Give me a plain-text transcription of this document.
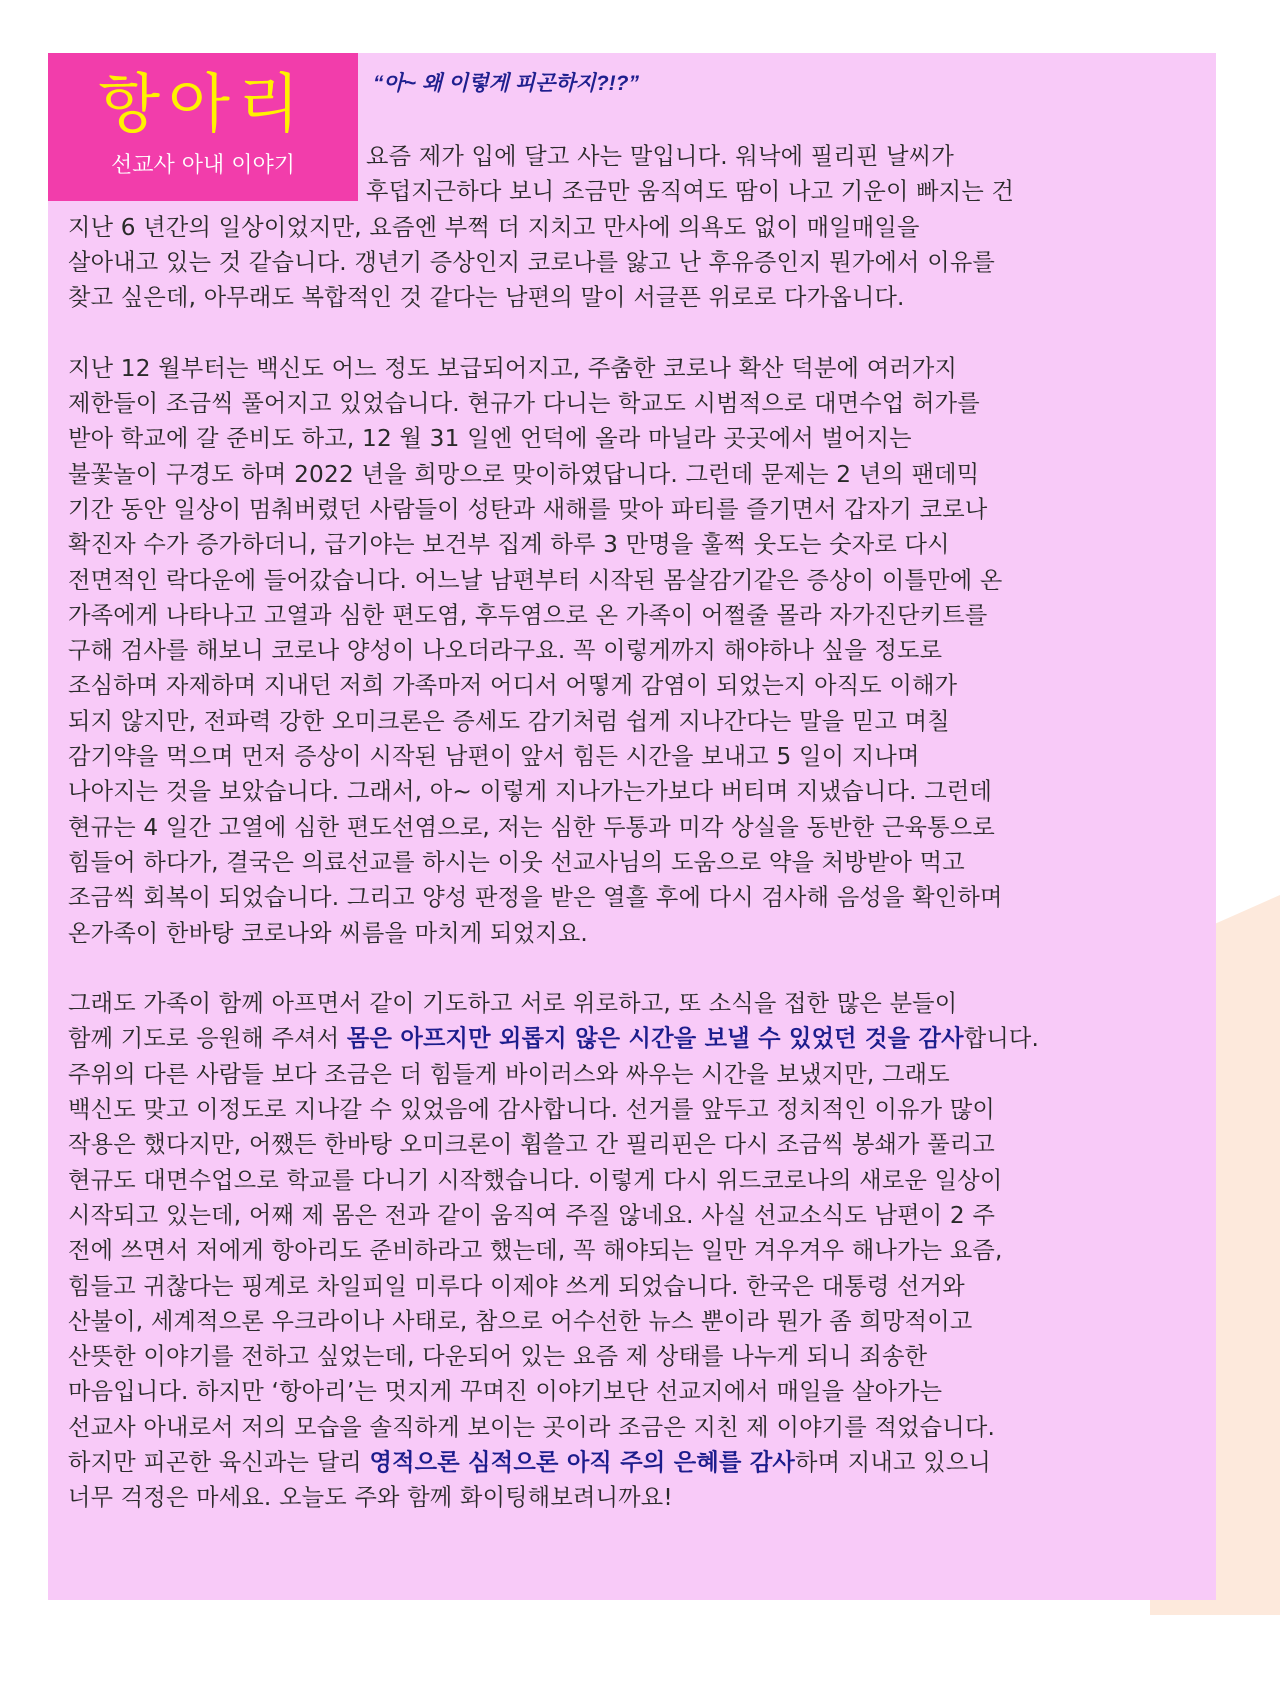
항아리
선교사 아내 이야기
“아~ 왜 이렇게 피곤하지?!?”
요즘 제가 입에 달고 사는 말입니다. 워낙에 필리핀 날씨가
후덥지근하다 보니 조금만 움직여도 땀이 나고 기운이 빠지는 건
지난 6 년간의 일상이었지만, 요즘엔 부쩍 더 지치고 만사에 의욕도 없이 매일매일을
살아내고 있는 것 같습니다. 갱년기 증상인지 코로나를 앓고 난 후유증인지 뭔가에서 이유를
찾고 싶은데, 아무래도 복합적인 것 같다는 남편의 말이 서글픈 위로로 다가옵니다.
지난 12 월부터는 백신도 어느 정도 보급되어지고, 주춤한 코로나 확산 덕분에 여러가지
제한들이 조금씩 풀어지고 있었습니다. 현규가 다니는 학교도 시범적으로 대면수업 허가를
받아 학교에 갈 준비도 하고, 12 월 31 일엔 언덕에 올라 마닐라 곳곳에서 벌어지는
불꽃놀이 구경도 하며 2022 년을 희망으로 맞이하였답니다. 그런데 문제는 2 년의 팬데믹
기간 동안 일상이 멈춰버렸던 사람들이 성탄과 새해를 맞아 파티를 즐기면서 갑자기 코로나
확진자 수가 증가하더니, 급기야는 보건부 집계 하루 3 만명을 훌쩍 웃도는 숫자로 다시
전면적인 락다운에 들어갔습니다. 어느날 남편부터 시작된 몸살감기같은 증상이 이틀만에 온
가족에게 나타나고 고열과 심한 편도염, 후두염으로 온 가족이 어쩔줄 몰라 자가진단키트를
구해 검사를 해보니 코로나 양성이 나오더라구요. 꼭 이렇게까지 해야하나 싶을 정도로
조심하며 자제하며 지내던 저희 가족마저 어디서 어떻게 감염이 되었는지 아직도 이해가
되지 않지만, 전파력 강한 오미크론은 증세도 감기처럼 쉽게 지나간다는 말을 믿고 며칠
감기약을 먹으며 먼저 증상이 시작된 남편이 앞서 힘든 시간을 보내고 5 일이 지나며
나아지는 것을 보았습니다. 그래서, 아~ 이렇게 지나가는가보다 버티며 지냈습니다. 그런데
현규는 4 일간 고열에 심한 편도선염으로, 저는 심한 두통과 미각 상실을 동반한 근육통으로
힘들어 하다가, 결국은 의료선교를 하시는 이웃 선교사님의 도움으로 약을 처방받아 먹고
조금씩 회복이 되었습니다. 그리고 양성 판정을 받은 열흘 후에 다시 검사해 음성을 확인하며
온가족이 한바탕 코로나와 씨름을 마치게 되었지요.
그래도 가족이 함께 아프면서 같이 기도하고 서로 위로하고, 또 소식을 접한 많은 분들이
함께 기도로 응원해 주셔서 몸은 아프지만 외롭지 않은 시간을 보낼 수 있었던 것을 감사합니다.
주위의 다른 사람들 보다 조금은 더 힘들게 바이러스와 싸우는 시간을 보냈지만, 그래도
백신도 맞고 이정도로 지나갈 수 있었음에 감사합니다. 선거를 앞두고 정치적인 이유가 많이
작용은 했다지만, 어쨌든 한바탕 오미크론이 휩쓸고 간 필리핀은 다시 조금씩 봉쇄가 풀리고
현규도 대면수업으로 학교를 다니기 시작했습니다. 이렇게 다시 위드코로나의 새로운 일상이
시작되고 있는데, 어째 제 몸은 전과 같이 움직여 주질 않네요. 사실 선교소식도 남편이 2 주
전에 쓰면서 저에게 항아리도 준비하라고 했는데, 꼭 해야되는 일만 겨우겨우 해나가는 요즘,
힘들고 귀찮다는 핑계로 차일피일 미루다 이제야 쓰게 되었습니다. 한국은 대통령 선거와
산불이, 세계적으론 우크라이나 사태로, 참으로 어수선한 뉴스 뿐이라 뭔가 좀 희망적이고
산뜻한 이야기를 전하고 싶었는데, 다운되어 있는 요즘 제 상태를 나누게 되니 죄송한
마음입니다. 하지만 ‘항아리’는 멋지게 꾸며진 이야기보단 선교지에서 매일을 살아가는
선교사 아내로서 저의 모습을 솔직하게 보이는 곳이라 조금은 지친 제 이야기를 적었습니다.
하지만 피곤한 육신과는 달리 영적으론 심적으론 아직 주의 은혜를 감사하며 지내고 있으니
너무 걱정은 마세요. 오늘도 주와 함께 화이팅해보려니까요!
